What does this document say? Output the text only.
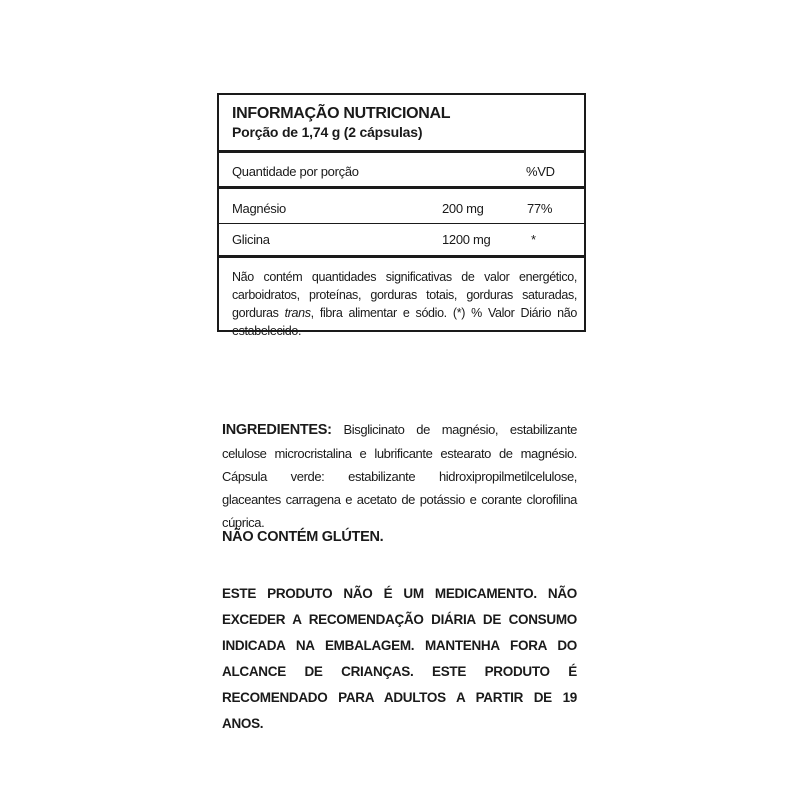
INFORMAÇÃO NUTRICIONAL
Porção de 1,74 g (2 cápsulas)
Quantidade por porção	%VD
Magnésio	200 mg	77%
Glicina	1200 mg	*
Não contém quantidades significativas de valor energético, carboidratos, proteínas, gorduras totais, gorduras saturadas, gorduras trans, fibra alimentar e sódio. (*) % Valor Diário não estabelecido.
INGREDIENTES: Bisglicinato de magnésio, estabilizante celulose microcristalina e lubrificante estearato de magnésio. Cápsula verde: estabilizante hidroxipropilmetilcelulose, glaceantes carragena e acetato de potássio e corante clorofilina cúprica.
NÃO CONTÉM GLÚTEN.
ESTE PRODUTO NÃO É UM MEDICAMENTO. NÃO EXCEDER A RECOMENDAÇÃO DIÁRIA DE CONSUMO INDICADA NA EMBALAGEM. MANTENHA FORA DO ALCANCE DE CRIANÇAS. ESTE PRODUTO É RECOMENDADO PARA ADULTOS A PARTIR DE 19 ANOS.
